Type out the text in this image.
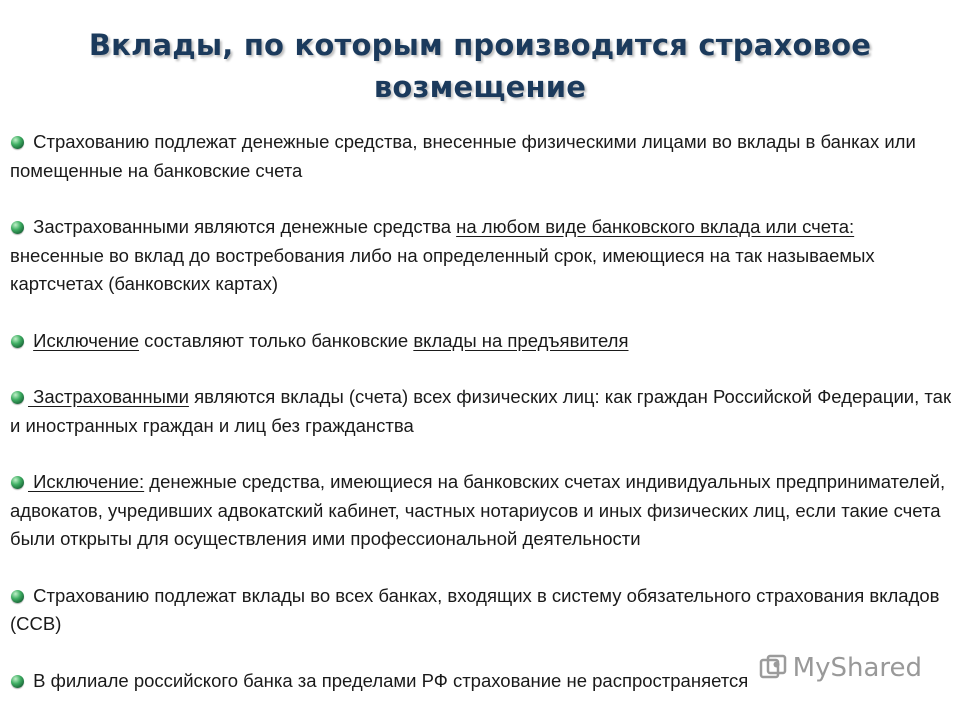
Вклады, по которым производится страховое возмещение
Страхованию подлежат денежные средства, внесенные физическими лицами во вклады в банках или помещенные на банковские счета
Застрахованными являются денежные средства на любом виде банковского вклада или счета: внесенные во вклад до востребования либо на определенный срок, имеющиеся на так называемых картсчетах (банковских картах)
Исключение составляют только банковские вклады на предъявителя
Застрахованными являются вклады (счета) всех физических лиц: как граждан Российской Федерации, так и иностранных граждан и лиц без гражданства
Исключение: денежные средства, имеющиеся на банковских счетах индивидуальных предпринимателей, адвокатов, учредивших адвокатский кабинет, частных нотариусов и иных физических лиц, если такие счета были открыты для осуществления ими профессиональной деятельности
Страхованию подлежат вклады во всех банках, входящих в систему обязательного страхования вкладов (ССВ)
В филиале российского банка за пределами РФ страхование не распространяется	MyShared
